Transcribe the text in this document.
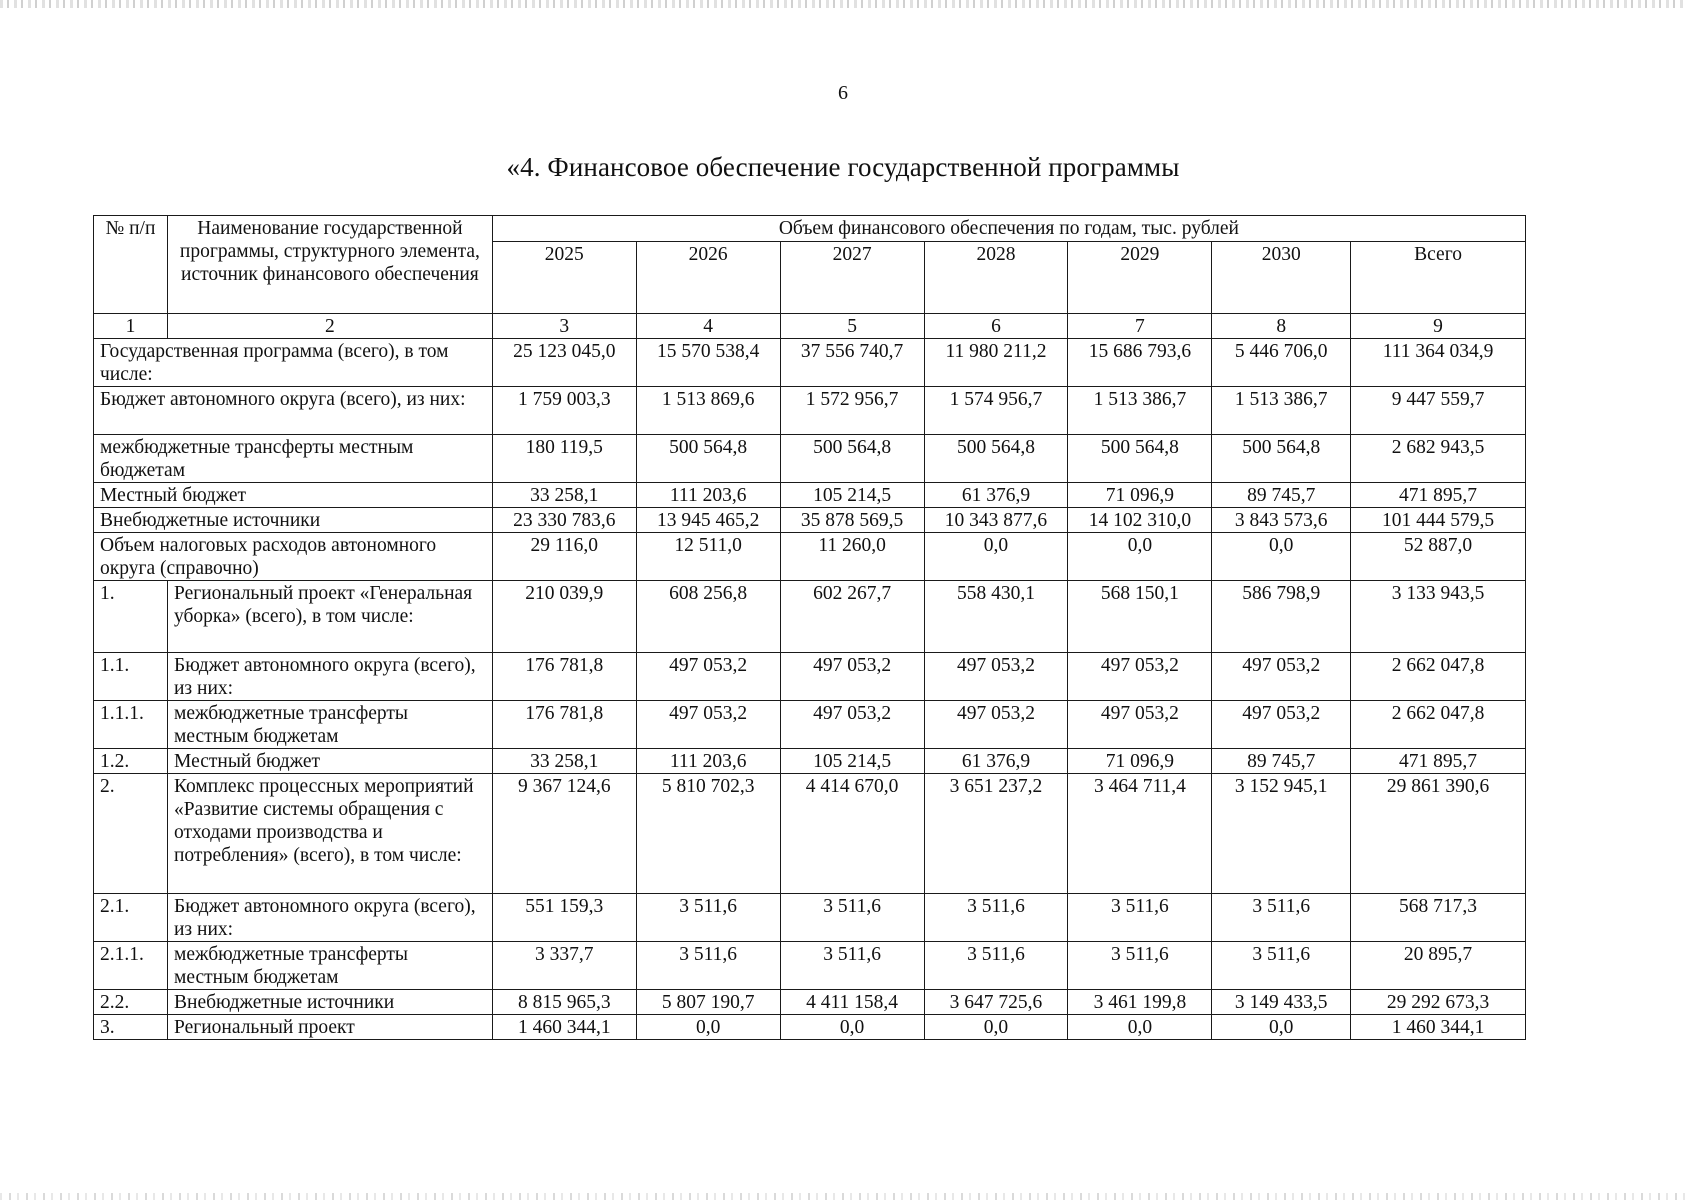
6
«4. Финансовое обеспечение государственной программы
№ п/п	Наименование государственной программы, структурного элемента, источник финансового обеспечения	Объем финансового обеспечения по годам, тыс. рублей						
		2025	2026	2027	2028	2029	2030	Всего
1	2	3	4	5	6	7	8	9
Государственная программа (всего), в том числе:		25 123 045,0	15 570 538,4	37 556 740,7	11 980 211,2	15 686 793,6	5 446 706,0	111 364 034,9
Бюджет автономного округа (всего), из них:		1 759 003,3	1 513 869,6	1 572 956,7	1 574 956,7	1 513 386,7	1 513 386,7	9 447 559,7
межбюджетные трансферты местным бюджетам		180 119,5	500 564,8	500 564,8	500 564,8	500 564,8	500 564,8	2 682 943,5
Местный бюджет		33 258,1	111 203,6	105 214,5	61 376,9	71 096,9	89 745,7	471 895,7
Внебюджетные источники		23 330 783,6	13 945 465,2	35 878 569,5	10 343 877,6	14 102 310,0	3 843 573,6	101 444 579,5
Объем налоговых расходов автономного округа (справочно)		29 116,0	12 511,0	11 260,0	0,0	0,0	0,0	52 887,0
1.	Региональный проект «Генеральная уборка» (всего), в том числе:	210 039,9	608 256,8	602 267,7	558 430,1	568 150,1	586 798,9	3 133 943,5
1.1.	Бюджет автономного округа (всего), из них:	176 781,8	497 053,2	497 053,2	497 053,2	497 053,2	497 053,2	2 662 047,8
1.1.1.	межбюджетные трансферты местным бюджетам	176 781,8	497 053,2	497 053,2	497 053,2	497 053,2	497 053,2	2 662 047,8
1.2.	Местный бюджет	33 258,1	111 203,6	105 214,5	61 376,9	71 096,9	89 745,7	471 895,7
2.	Комплекс процессных мероприятий «Развитие системы обращения с отходами производства и потребления» (всего), в том числе:	9 367 124,6	5 810 702,3	4 414 670,0	3 651 237,2	3 464 711,4	3 152 945,1	29 861 390,6
2.1.	Бюджет автономного округа (всего), из них:	551 159,3	3 511,6	3 511,6	3 511,6	3 511,6	3 511,6	568 717,3
2.1.1.	межбюджетные трансферты местным бюджетам	3 337,7	3 511,6	3 511,6	3 511,6	3 511,6	3 511,6	20 895,7
2.2.	Внебюджетные источники	8 815 965,3	5 807 190,7	4 411 158,4	3 647 725,6	3 461 199,8	3 149 433,5	29 292 673,3
3.	Региональный проект	1 460 344,1	0,0	0,0	0,0	0,0	0,0	1 460 344,1
